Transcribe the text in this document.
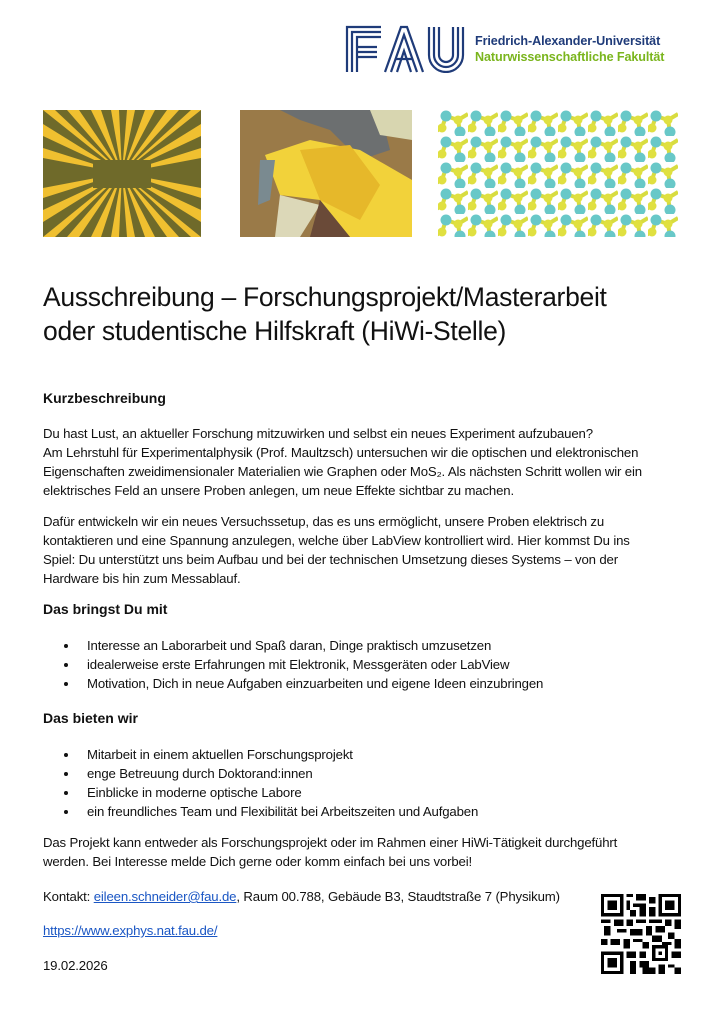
Friedrich-Alexander-Universität
Naturwissenschaftliche Fakultät
Ausschreibung – Forschungsprojekt/Masterarbeit
oder studentische Hilfskraft (HiWi-Stelle)
Kurzbeschreibung
Du hast Lust, an aktueller Forschung mitzuwirken und selbst ein neues Experiment aufzubauen?
Am Lehrstuhl für Experimentalphysik (Prof. Maultzsch) untersuchen wir die optischen und elektronischen
Eigenschaften zweidimensionaler Materialien wie Graphen oder MoS₂. Als nächsten Schritt wollen wir ein
elektrisches Feld an unsere Proben anlegen, um neue Effekte sichtbar zu machen.
Dafür entwickeln wir ein neues Versuchssetup, das es uns ermöglicht, unsere Proben elektrisch zu
kontaktieren und eine Spannung anzulegen, welche über LabView kontrolliert wird. Hier kommst Du ins
Spiel: Du unterstützt uns beim Aufbau und bei der technischen Umsetzung dieses Systems – von der
Hardware bis hin zum Messablauf.
Das bringst Du mit
Interesse an Laborarbeit und Spaß daran, Dinge praktisch umzusetzen
idealerweise erste Erfahrungen mit Elektronik, Messgeräten oder LabView
Motivation, Dich in neue Aufgaben einzuarbeiten und eigene Ideen einzubringen
Das bieten wir
Mitarbeit in einem aktuellen Forschungsprojekt
enge Betreuung durch Doktorand:innen
Einblicke in moderne optische Labore
ein freundliches Team und Flexibilität bei Arbeitszeiten und Aufgaben
Das Projekt kann entweder als Forschungsprojekt oder im Rahmen einer HiWi-Tätigkeit durchgeführt
werden. Bei Interesse melde Dich gerne oder komm einfach bei uns vorbei!
Kontakt: eileen.schneider@fau.de, Raum 00.788, Gebäude B3, Staudtstraße 7 (Physikum)
https://www.exphys.nat.fau.de/
19.02.2026
